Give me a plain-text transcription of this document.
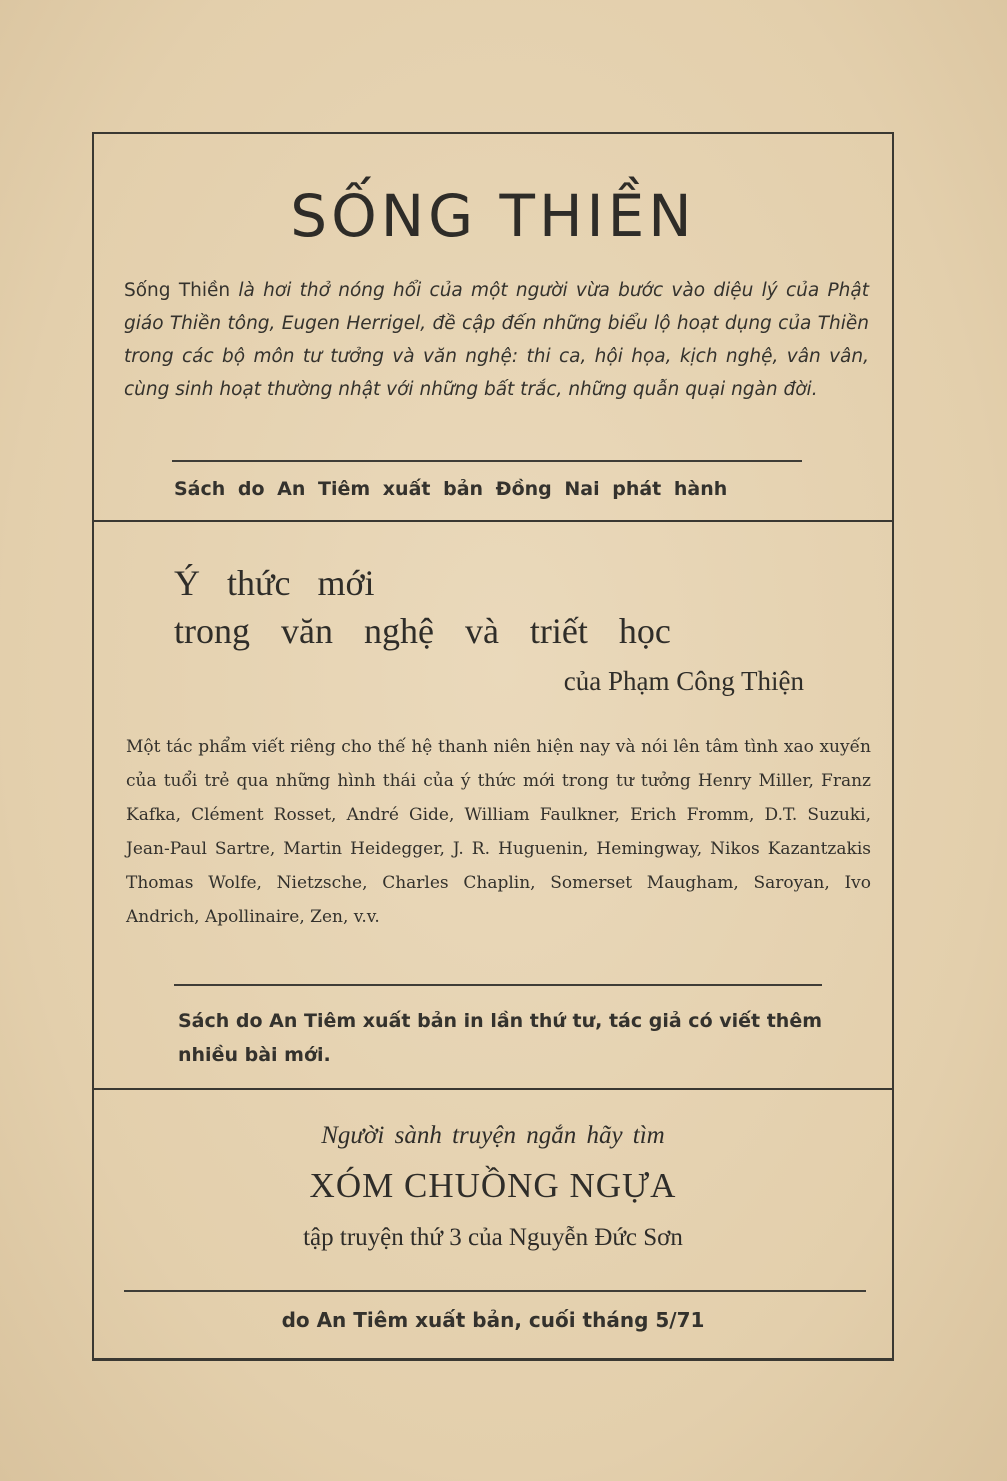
SỐNG THIỀN
Sống Thiền là hơi thở nóng hổi của một người vừa bước vào diệu lý của Phật giáo Thiền tông, Eugen Herrigel, đề cập đến những biểu lộ hoạt dụng của Thiền trong các bộ môn tư tưởng và văn nghệ: thi ca, hội họa, kịch nghệ, vân vân, cùng sinh hoạt thường nhật với những bất trắc, những quẫn quại ngàn đời.
Sách do An Tiêm xuất bản Đồng Nai phát hành
Ý thức mới
trong văn nghệ và triết học
của Phạm Công Thiện
Một tác phẩm viết riêng cho thế hệ thanh niên hiện nay và nói lên tâm tình xao xuyến của tuổi trẻ qua những hình thái của ý thức mới trong tư tưởng Henry Miller, Franz Kafka, Clément Rosset, André Gide, William Faulkner, Erich Fromm, D.T. Suzuki, Jean-Paul Sartre, Martin Heidegger, J. R. Huguenin, Hemingway, Nikos Kazantzakis Thomas Wolfe, Nietzsche, Charles Chaplin, Somerset Maugham, Saroyan, Ivo Andrich, Apollinaire, Zen, v.v.
Sách do An Tiêm xuất bản in lần thứ tư, tác giả có viết thêm nhiều bài mới.
Người sành truyện ngắn hãy tìm
XÓM CHUỒNG NGỰA
tập truyện thứ 3 của Nguyễn Đức Sơn
do An Tiêm xuất bản, cuối tháng 5/71
